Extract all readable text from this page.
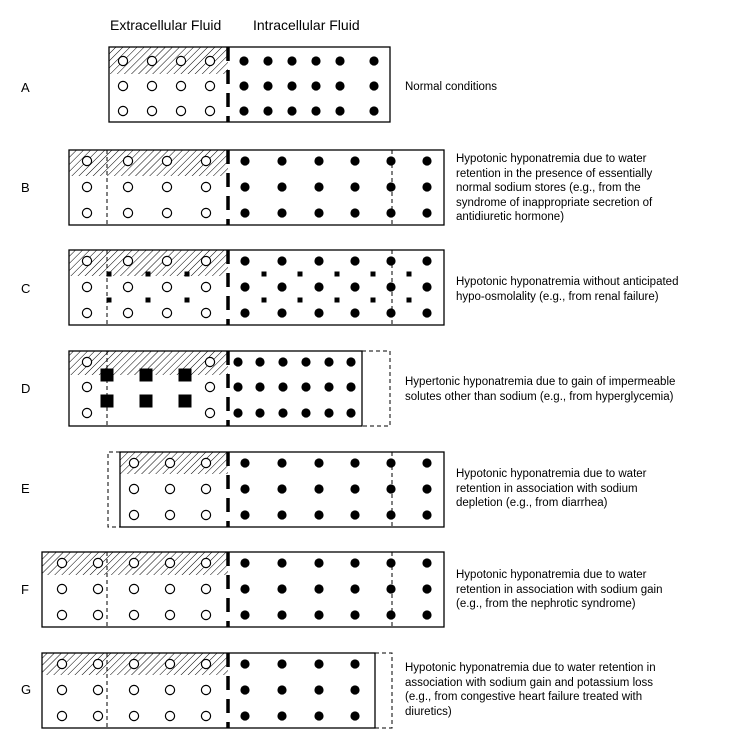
Extracellular Fluid Intracellular Fluid
A
B
C
D
E
F
G
Normal conditions
Hypotonic hyponatremia due to water
retention in the presence of essentially
normal sodium stores (e.g., from the
syndrome of inappropriate secretion of
antidiuretic hormone)
Hypotonic hyponatremia without anticipated
hypo-osmolality (e.g., from renal failure)
Hypertonic hyponatremia due to gain of impermeable
solutes other than sodium (e.g., from hyperglycemia)
Hypotonic hyponatremia due to water
retention in association with sodium
depletion (e.g., from diarrhea)
Hypotonic hyponatremia due to water
retention in association with sodium gain
(e.g., from the nephrotic syndrome)
Hypotonic hyponatremia due to water retention in
association with sodium gain and potassium loss
(e.g., from congestive heart failure treated with
diuretics)
